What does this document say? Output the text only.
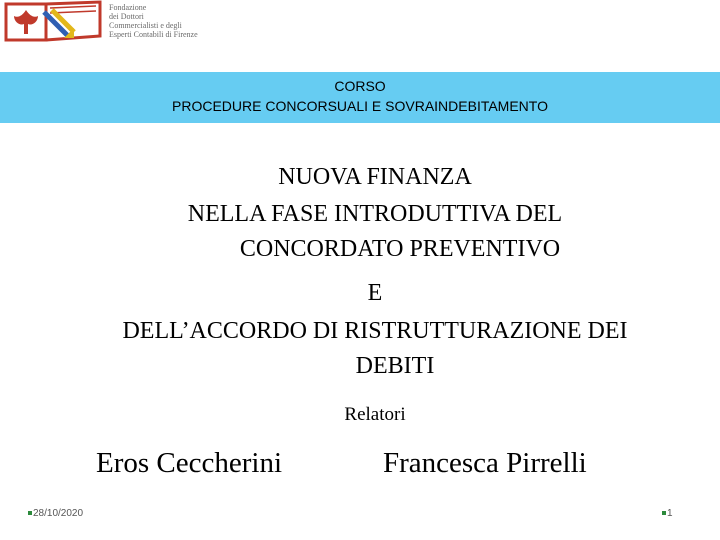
Fondazione
dei Dottori
Commercialisti e degli
Esperti Contabili di Firenze
CORSO
PROCEDURE CONCORSUALI E SOVRAINDEBITAMENTO
NUOVA FINANZA
NELLA FASE INTRODUTTIVA DEL
CONCORDATO PREVENTIVO
E
DELL’ACCORDO DI RISTRUTTURAZIONE DEI
DEBITI
Relatori
Eros Ceccherini	Francesca Pirrelli
28/10/2020	1
